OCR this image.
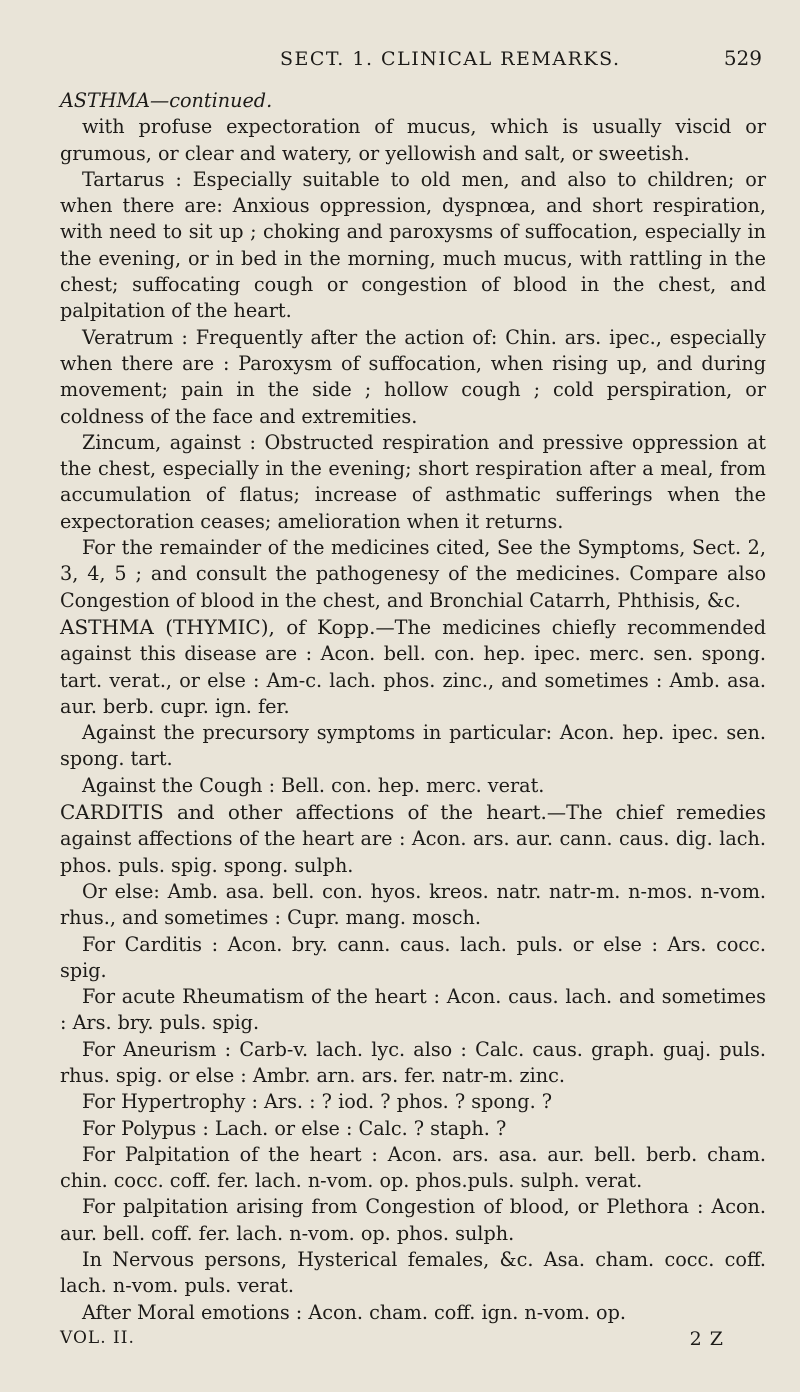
SECT. 1. CLINICAL REMARKS.	529

ASTHMA—continued.

with profuse expectoration of mucus, which is usually viscid or grumous, or clear and watery, or yellowish and salt, or sweetish.

Tartarus : Especially suitable to old men, and also to children; or when there are: Anxious oppression, dyspnœa, and short respiration, with need to sit up ; choking and paroxysms of suffocation, especially in the evening, or in bed in the morning, much mucus, with rattling in the chest; suffocating cough or congestion of blood in the chest, and palpitation of the heart.

Veratrum : Frequently after the action of: Chin. ars. ipec., especially when there are : Paroxysm of suffocation, when rising up, and during movement; pain in the side ; hollow cough ; cold perspiration, or coldness of the face and extremities.

Zincum, against : Obstructed respiration and pressive oppression at the chest, especially in the evening; short respiration after a meal, from accumulation of flatus; increase of asthmatic sufferings when the expectoration ceases; amelioration when it returns.

For the remainder of the medicines cited, See the Symptoms, Sect. 2, 3, 4, 5 ; and consult the pathogenesy of the medicines. Compare also Congestion of blood in the chest, and Bronchial Catarrh, Phthisis, &c.

ASTHMA (THYMIC), of Kopp.—The medicines chiefly recommended against this disease are : Acon. bell. con. hep. ipec. merc. sen. spong. tart. verat., or else : Am-c. lach. phos. zinc., and sometimes : Amb. asa. aur. berb. cupr. ign. fer.

Against the precursory symptoms in particular: Acon. hep. ipec. sen. spong. tart.

Against the Cough : Bell. con. hep. merc. verat.

CARDITIS and other affections of the heart.—The chief remedies against affections of the heart are : Acon. ars. aur. cann. caus. dig. lach. phos. puls. spig. spong. sulph.

Or else: Amb. asa. bell. con. hyos. kreos. natr. natr-m. n-mos. n-vom. rhus., and sometimes : Cupr. mang. mosch.

For Carditis : Acon. bry. cann. caus. lach. puls. or else : Ars. cocc. spig.

For acute Rheumatism of the heart : Acon. caus. lach. and sometimes : Ars. bry. puls. spig.

For Aneurism : Carb-v. lach. lyc. also : Calc. caus. graph. guaj. puls. rhus. spig. or else : Ambr. arn. ars. fer. natr-m. zinc.

For Hypertrophy : Ars. : ? iod. ? phos. ? spong. ?

For Polypus : Lach. or else : Calc. ? staph. ?

For Palpitation of the heart : Acon. ars. asa. aur. bell. berb. cham. chin. cocc. coff. fer. lach. n-vom. op. phos.puls. sulph. verat.

For palpitation arising from Congestion of blood, or Plethora : Acon. aur. bell. coff. fer. lach. n-vom. op. phos. sulph.

In Nervous persons, Hysterical females, &c. Asa. cham. cocc. coff. lach. n-vom. puls. verat.

After Moral emotions : Acon. cham. coff. ign. n-vom. op.

VOL. II.	2 Z
